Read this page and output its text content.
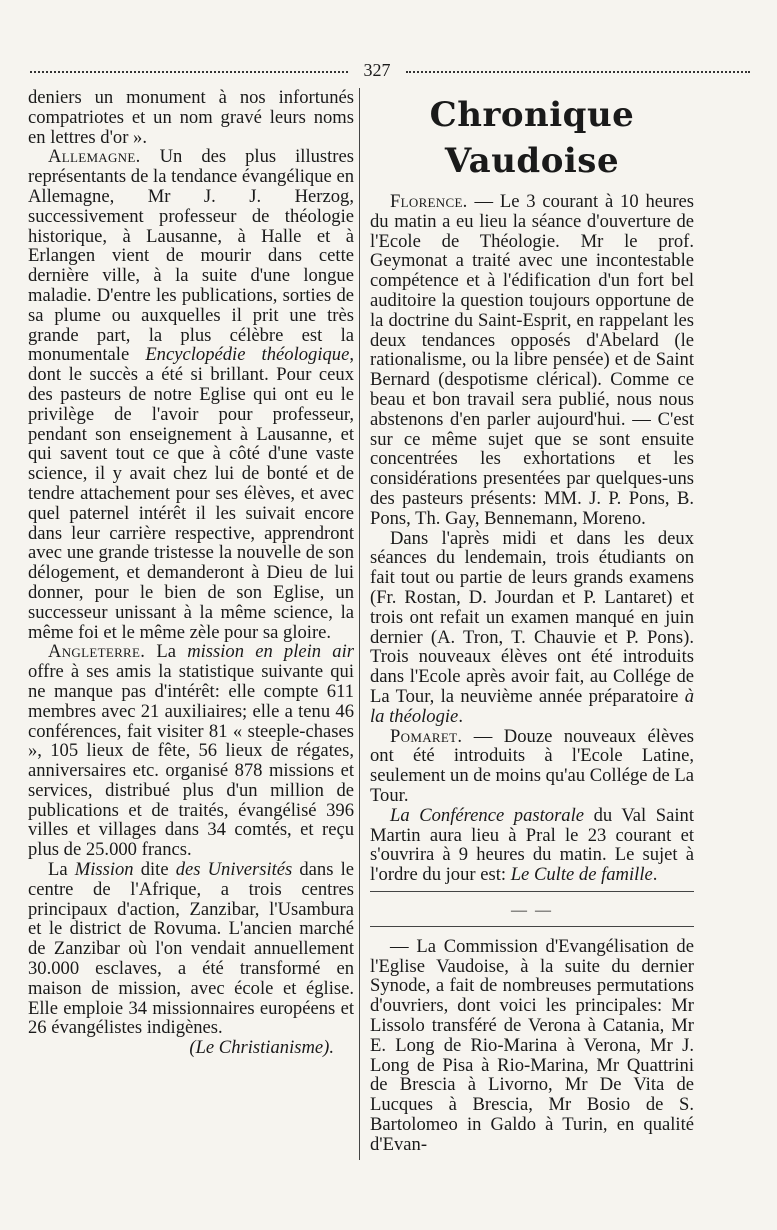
327

deniers un monument à nos infortunés compatriotes et un nom gravé leurs noms en lettres d'or ».

Allemagne. Un des plus illustres représentants de la tendance évangélique en Allemagne, Mr J. J. Herzog, successivement professeur de théologie historique, à Lausanne, à Halle et à Erlangen vient de mourir dans cette dernière ville, à la suite d'une longue maladie. D'entre les publications, sorties de sa plume ou auxquelles il prit une très grande part, la plus célèbre est la monumentale Encyclopédie théologique, dont le succès a été si brillant. Pour ceux des pasteurs de notre Eglise qui ont eu le privilège de l'avoir pour professeur, pendant son enseignement à Lausanne, et qui savent tout ce que à côté d'une vaste science, il y avait chez lui de bonté et de tendre attachement pour ses élèves, et avec quel paternel intérêt il les suivait encore dans leur carrière respective, apprendront avec une grande tristesse la nouvelle de son délogement, et demanderont à Dieu de lui donner, pour le bien de son Eglise, un successeur unissant à la même science, la même foi et le même zèle pour sa gloire.

Angleterre. La mission en plein air offre à ses amis la statistique suivante qui ne manque pas d'intérêt: elle compte 611 membres avec 21 auxiliaires; elle a tenu 46 conférences, fait visiter 81 « steeple-chases », 105 lieux de fête, 56 lieux de régates, anniversaires etc. organisé 878 missions et services, distribué plus d'un million de publications et de traités, évangélisé 396 villes et villages dans 34 comtés, et reçu plus de 25.000 francs.

La Mission dite des Universités dans le centre de l'Afrique, a trois centres principaux d'action, Zanzibar, l'Usambura et le district de Rovuma. L'ancien marché de Zanzibar où l'on vendait annuellement 30.000 esclaves, a été transformé en maison de mission, avec école et église. Elle emploie 34 missionnaires européens et 26 évangélistes indigènes.

(Le Christianisme).

Chronique Vaudoise

Florence. — Le 3 courant à 10 heures du matin a eu lieu la séance d'ouverture de l'Ecole de Théologie. Mr le prof. Geymonat a traité avec une incontestable compétence et à l'édification d'un fort bel auditoire la question toujours opportune de la doctrine du Saint-Esprit, en rappelant les deux tendances opposés d'Abelard (le rationalisme, ou la libre pensée) et de Saint Bernard (despotisme clérical). Comme ce beau et bon travail sera publié, nous nous abstenons d'en parler aujourd'hui. — C'est sur ce même sujet que se sont ensuite concentrées les exhortations et les considérations presentées par quelques-uns des pasteurs présents: MM. J. P. Pons, B. Pons, Th. Gay, Bennemann, Moreno.

Dans l'après midi et dans les deux séances du lendemain, trois étudiants on fait tout ou partie de leurs grands examens (Fr. Rostan, D. Jourdan et P. Lantaret) et trois ont refait un examen manqué en juin dernier (A. Tron, T. Chauvie et P. Pons). Trois nouveaux élèves ont été introduits dans l'Ecole après avoir fait, au Collége de La Tour, la neuvième année préparatoire à la théologie.

Pomaret. — Douze nouveaux élèves ont été introduits à l'Ecole Latine, seulement un de moins qu'au Collége de La Tour.

La Conférence pastorale du Val Saint Martin aura lieu à Pral le 23 courant et s'ouvrira à 9 heures du matin. Le sujet à l'ordre du jour est: Le Culte de famille.

— —

— La Commission d'Evangélisation de l'Eglise Vaudoise, à la suite du dernier Synode, a fait de nombreuses permutations d'ouvriers, dont voici les principales: Mr Lissolo transféré de Verona à Catania, Mr E. Long de Rio-Marina à Verona, Mr J. Long de Pisa à Rio-Marina, Mr Quattrini de Brescia à Livorno, Mr De Vita de Lucques à Brescia, Mr Bosio de S. Bartolomeo in Galdo à Turin, en qualité d'Evan-
